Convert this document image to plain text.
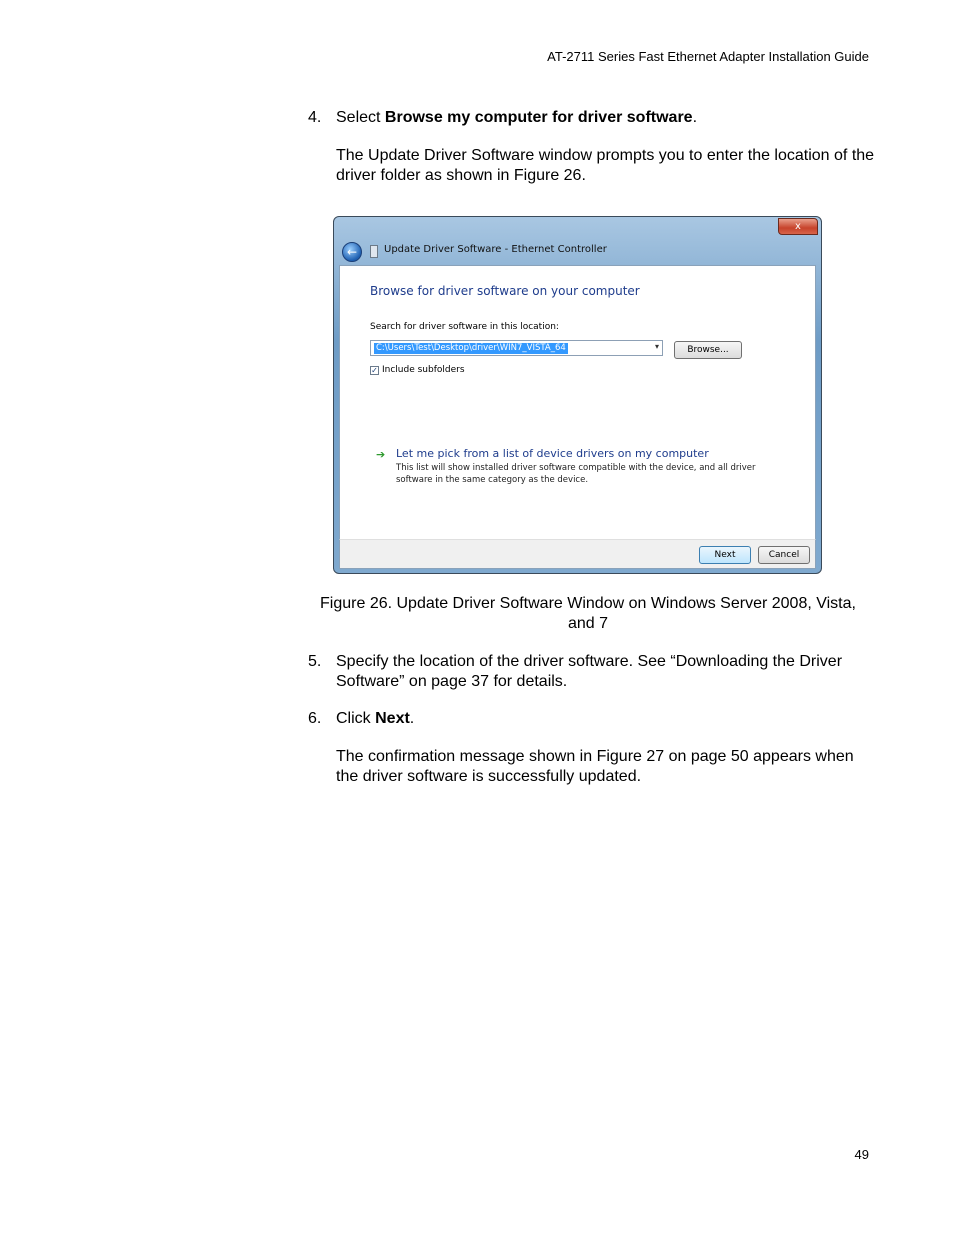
AT-2711 Series Fast Ethernet Adapter Installation Guide
4. Select Browse my computer for driver software.
The Update Driver Software window prompts you to enter the location of the driver folder as shown in Figure 26.
x
←	Update Driver Software - Ethernet Controller
Browse for driver software on your computer
Search for driver software in this location:
C:\Users\Test\Desktop\driver\WIN7_VISTA_64	▾	Browse...
✓ Include subfolders
➔ Let me pick from a list of device drivers on my computer
This list will show installed driver software compatible with the device, and all driver software in the same category as the device.
Next	Cancel
Figure 26. Update Driver Software Window on Windows Server 2008, Vista, and 7
5. Specify the location of the driver software. See “Downloading the Driver Software” on page 37 for details.
6. Click Next.
The confirmation message shown in Figure 27 on page 50 appears when the driver software is successfully updated.
49
